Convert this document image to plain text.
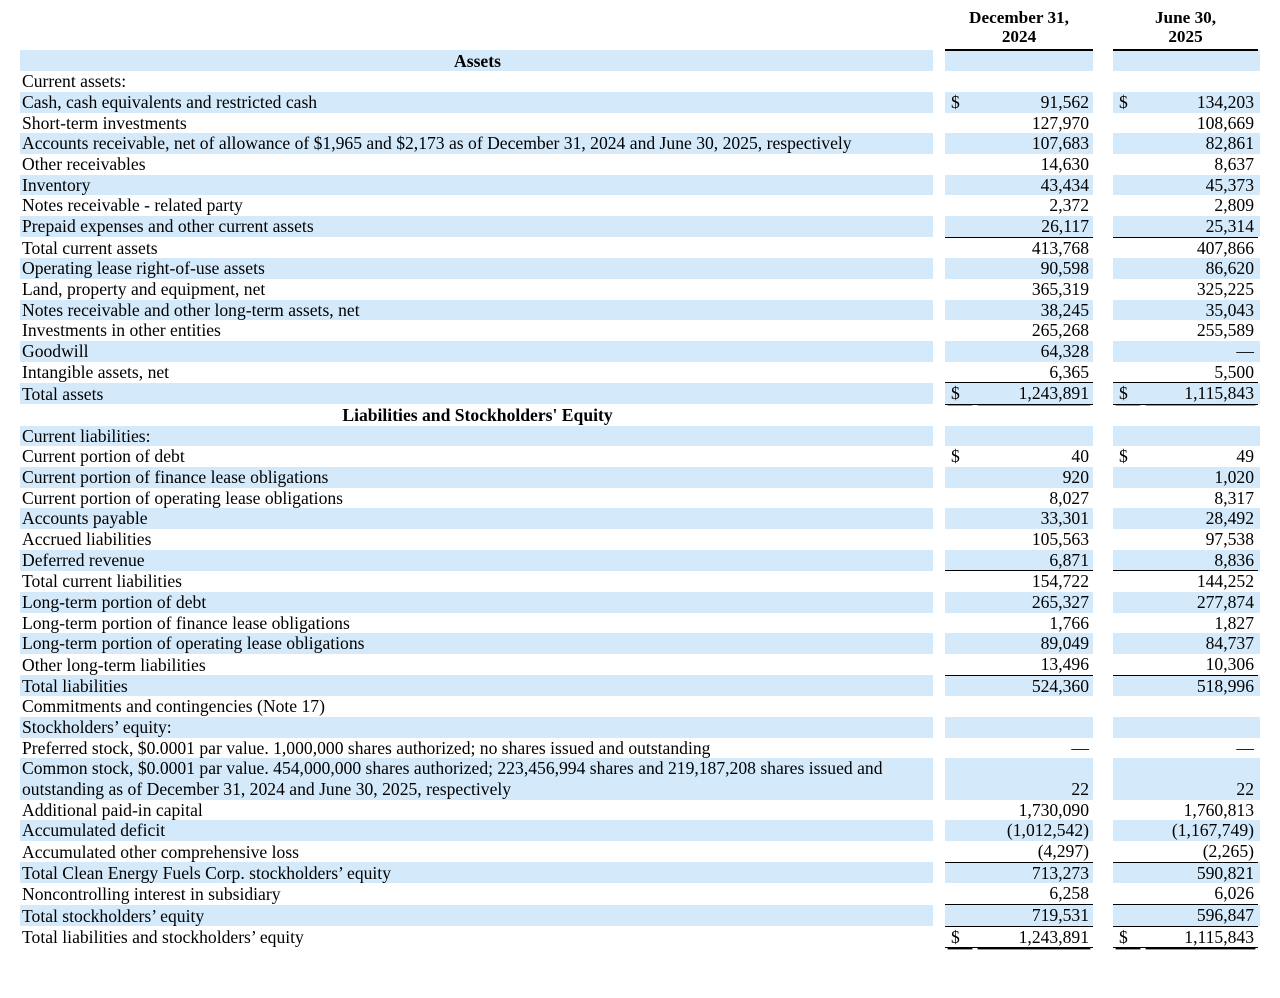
		December 31,
2024			June 30,
2025		
Assets							
Current assets:							
Cash, cash equivalents and restricted cash		$	91,562		$	134,203	
Short-term investments			127,970			108,669	
Accounts receivable, net of allowance of $1,965 and $2,173 as of December 31, 2024 and June 30, 2025, respectively			107,683			82,861	
Other receivables			14,630			8,637	
Inventory			43,434			45,373	
Notes receivable - related party			2,372			2,809	
Prepaid expenses and other current assets			26,117			25,314	
Total current assets			413,768			407,866	
Operating lease right-of-use assets			90,598			86,620	
Land, property and equipment, net			365,319			325,225	
Notes receivable and other long-term assets, net			38,245			35,043	
Investments in other entities			265,268			255,589	
Goodwill			64,328			—	
Intangible assets, net			6,365			5,500	
Total assets		$	1,243,891		$	1,115,843	
Liabilities and Stockholders' Equity							
Current liabilities:							
Current portion of debt		$	40		$	49	
Current portion of finance lease obligations			920			1,020	
Current portion of operating lease obligations			8,027			8,317	
Accounts payable			33,301			28,492	
Accrued liabilities			105,563			97,538	
Deferred revenue			6,871			8,836	
Total current liabilities			154,722			144,252	
Long-term portion of debt			265,327			277,874	
Long-term portion of finance lease obligations			1,766			1,827	
Long-term portion of operating lease obligations			89,049			84,737	
Other long-term liabilities			13,496			10,306	
Total liabilities			524,360			518,996	
Commitments and contingencies (Note 17)							
Stockholders’ equity:							
Preferred stock, $0.0001 par value. 1,000,000 shares authorized; no shares issued and outstanding			—			—	
Common stock, $0.0001 par value. 454,000,000 shares authorized; 223,456,994 shares and 219,187,208 shares issued and outstanding as of December 31, 2024 and June 30, 2025, respectively			22			22	
Additional paid-in capital			1,730,090			1,760,813	
Accumulated deficit			(1,012,542)			(1,167,749)	
Accumulated other comprehensive loss			(4,297)			(2,265)	
Total Clean Energy Fuels Corp. stockholders’ equity			713,273			590,821	
Noncontrolling interest in subsidiary			6,258			6,026	
Total stockholders’ equity			719,531			596,847	
Total liabilities and stockholders’ equity		$	1,243,891		$	1,115,843	
